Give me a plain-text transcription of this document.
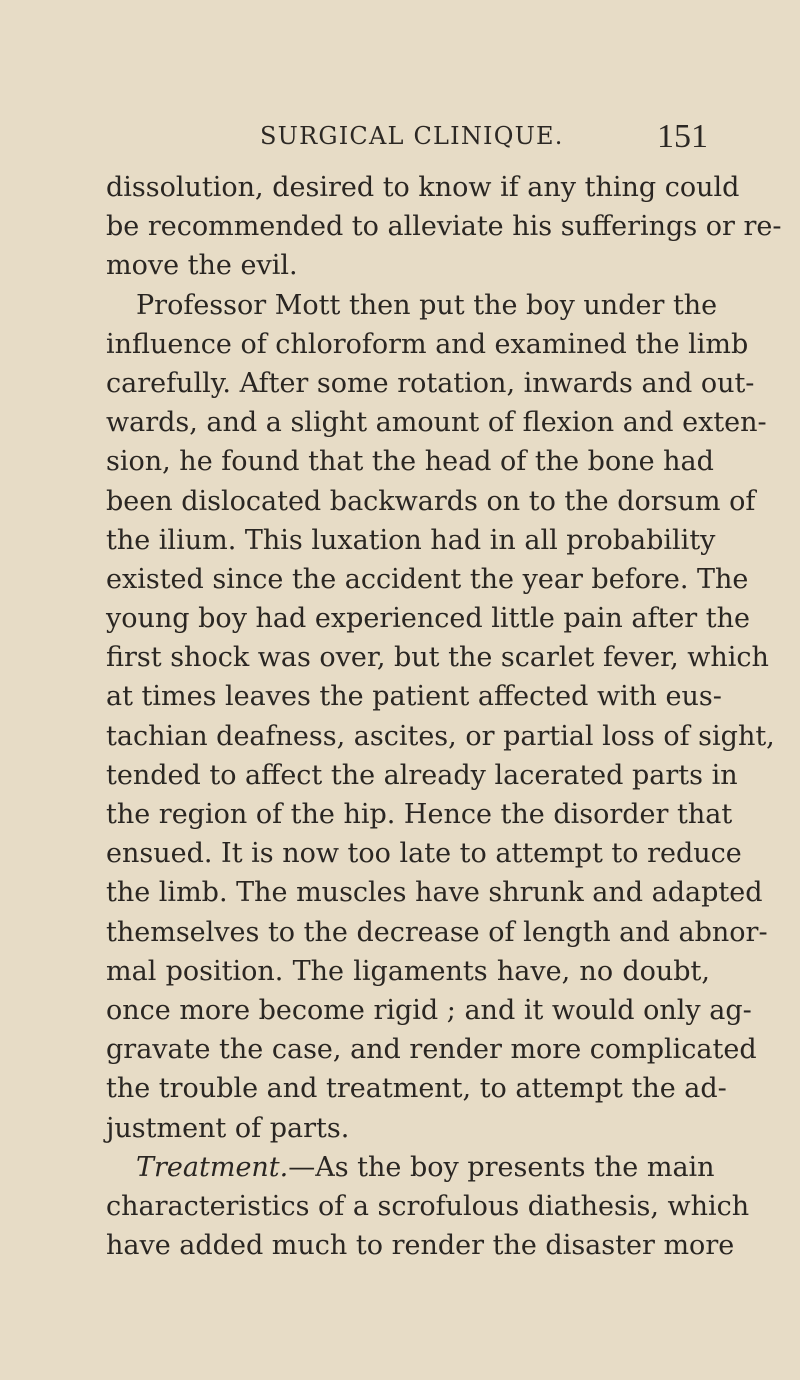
SURGICAL CLINIQUE.	151
dissolution, desired to know if any thing could
be recommended to alleviate his sufferings or re-
move the evil.
Professor Mott then put the boy under the
influence of chloroform and examined the limb
carefully. After some rotation, inwards and out-
wards, and a slight amount of flexion and exten-
sion, he found that the head of the bone had
been dislocated backwards on to the dorsum of
the ilium. This luxation had in all probability
existed since the accident the year before. The
young boy had experienced little pain after the
first shock was over, but the scarlet fever, which
at times leaves the patient affected with eus-
tachian deafness, ascites, or partial loss of sight,
tended to affect the already lacerated parts in
the region of the hip. Hence the disorder that
ensued. It is now too late to attempt to reduce
the limb. The muscles have shrunk and adapted
themselves to the decrease of length and abnor-
mal position. The ligaments have, no doubt,
once more become rigid ; and it would only ag-
gravate the case, and render more complicated
the trouble and treatment, to attempt the ad-
justment of parts.
Treatment.—As the boy presents the main
characteristics of a scrofulous diathesis, which
have added much to render the disaster more
